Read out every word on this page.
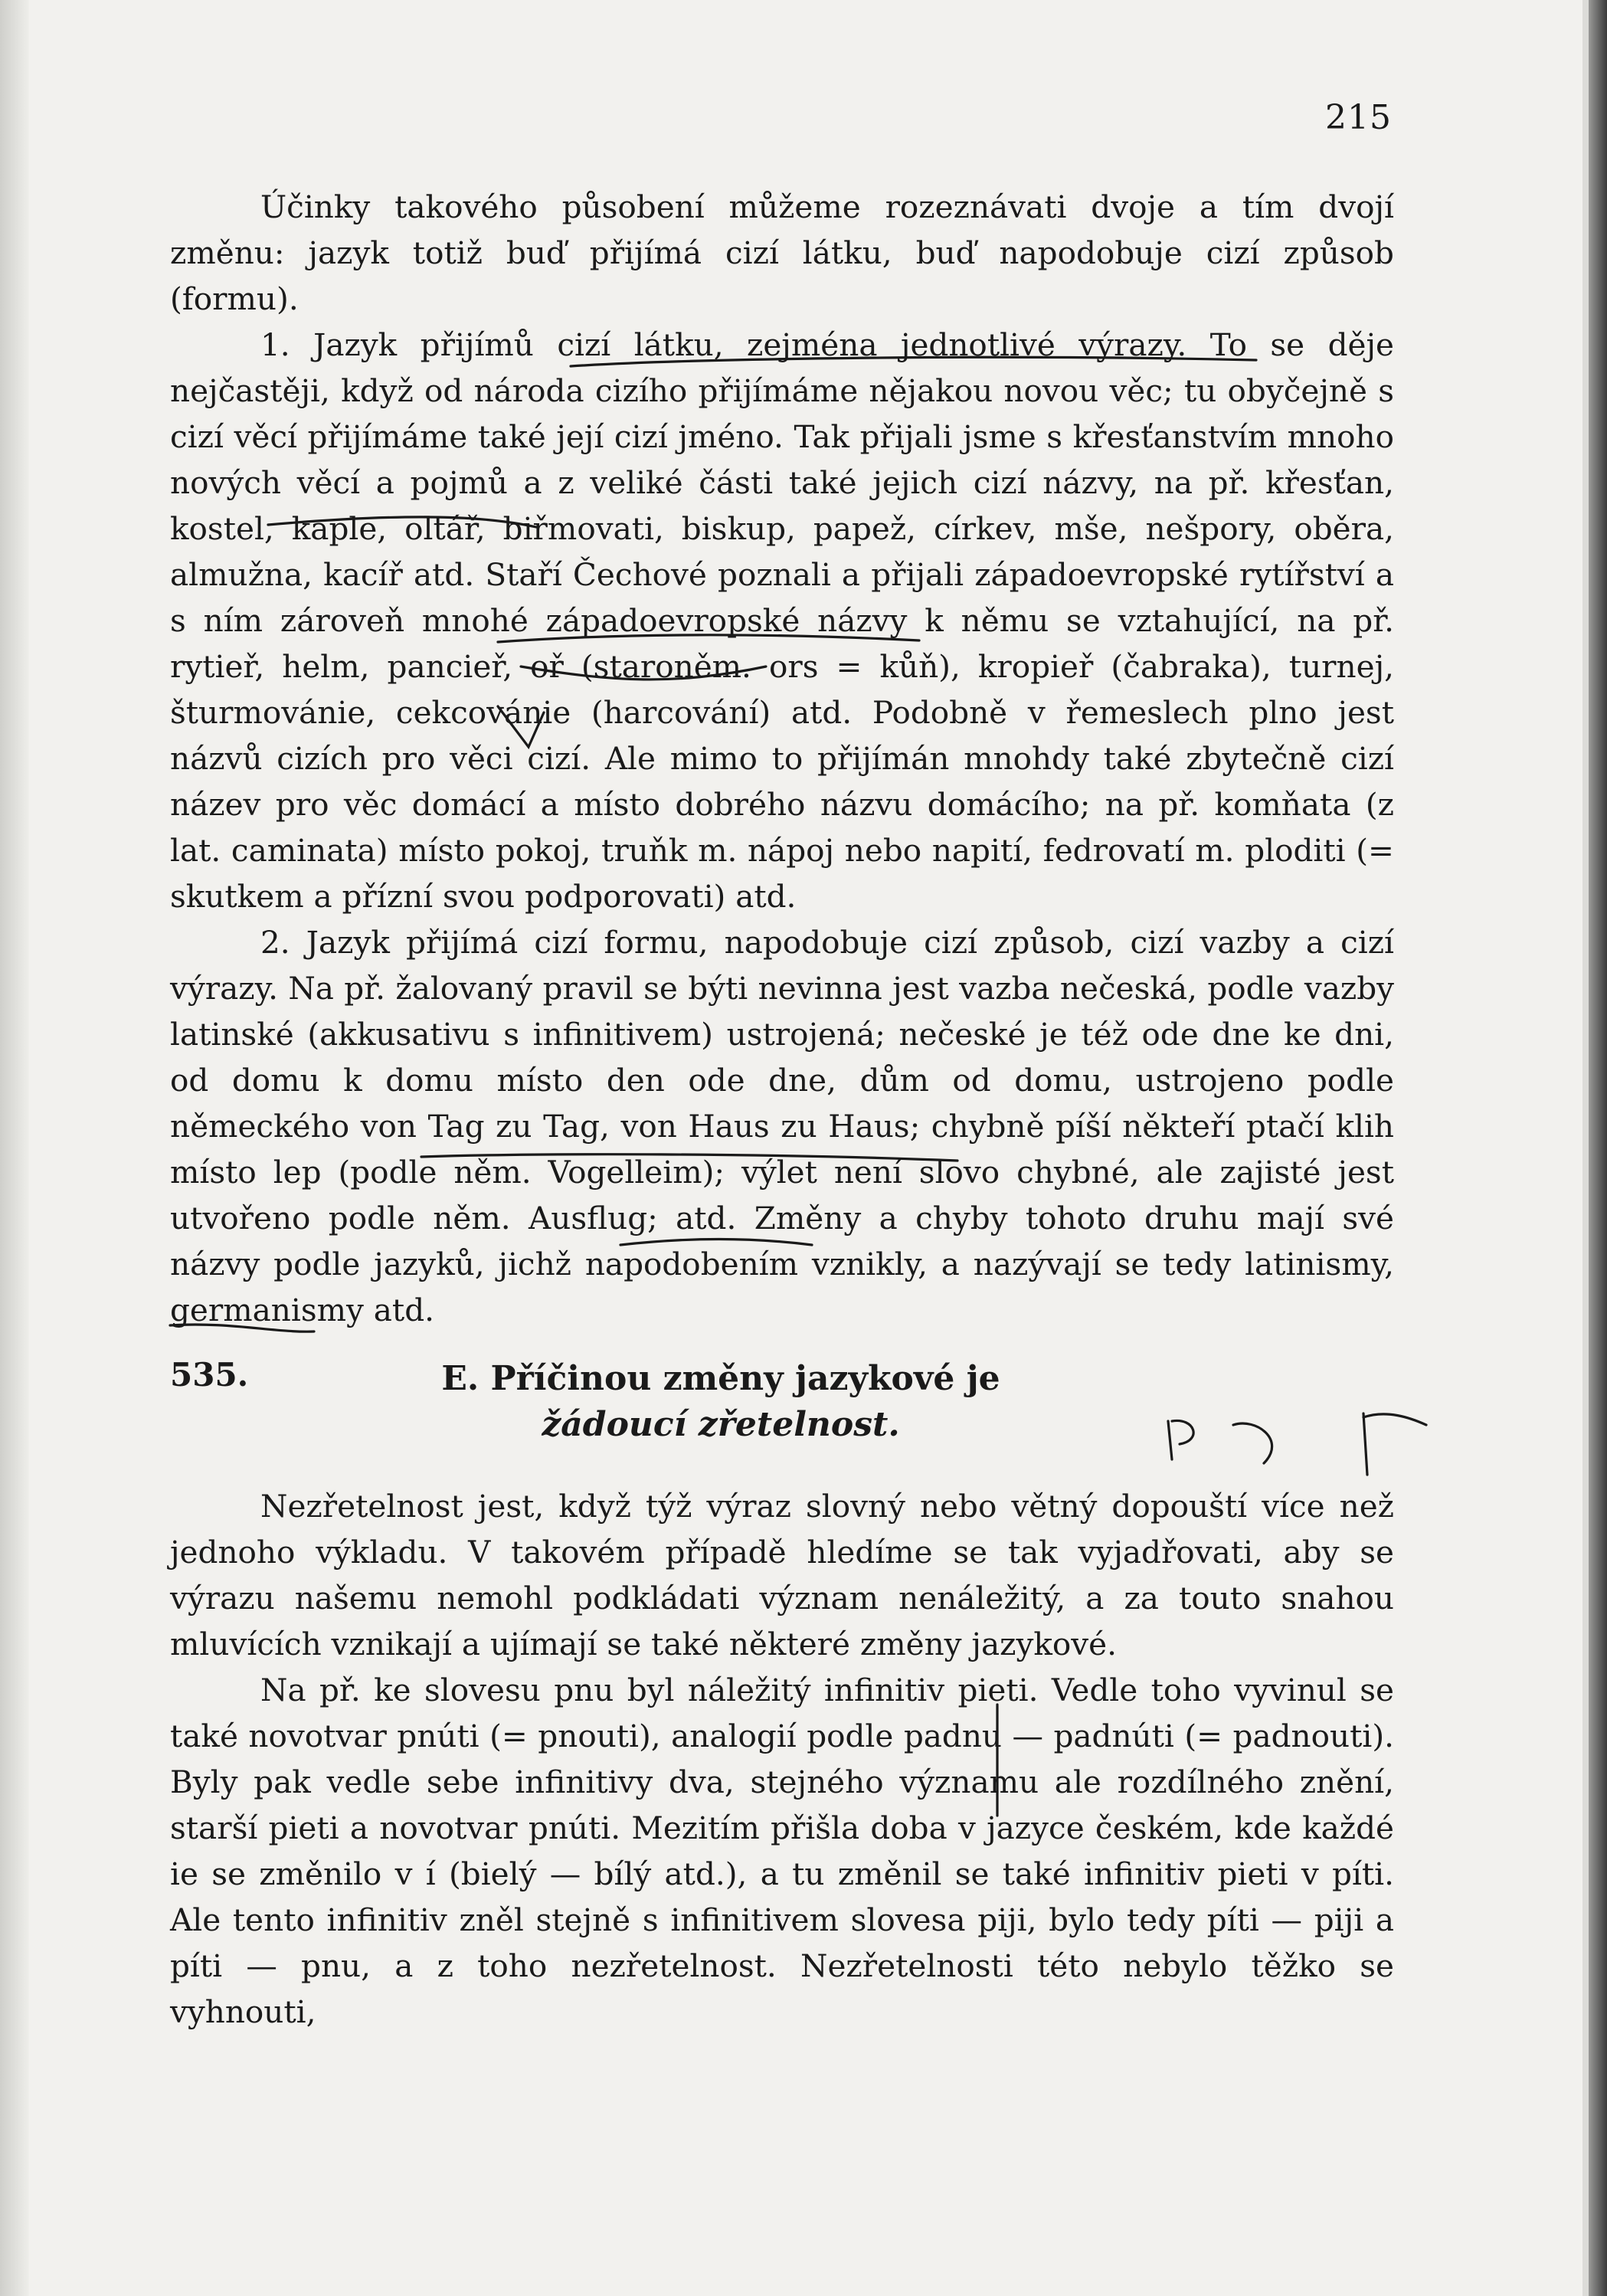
215

Účinky takového působení můžeme rozeznávati dvoje a tím dvojí změnu: jazyk totiž buď přijímá cizí látku, buď napodobuje cizí způsob (formu).

1. Jazyk přijímů cizí látku, zejména jednotlivé výrazy. To se děje nejčastěji, když od národa cizího přijímáme nějakou novou věc; tu obyčejně s cizí věcí přijímáme také její cizí jméno. Tak přijali jsme s křesťanstvím mnoho nových věcí a pojmů a z veliké části také jejich cizí názvy, na př. křesťan, kostel, kaple, oltář, biřmovati, biskup, papež, církev, mše, nešpory, oběra, almužna, kacíř atd. Staří Čechové poznali a přijali západoevropské rytířství a s ním zároveň mnohé západoevropské názvy k němu se vztahující, na př. rytieř, helm, pancieř, oř (staroněm. ors = kůň), kropieř (čabraka), turnej, šturmovánie, cekcovánie (harcování) atd. Podobně v řemeslech plno jest názvů cizích pro věci cizí. Ale mimo to přijímán mnohdy také zbytečně cizí název pro věc domácí a místo dobrého názvu domácího; na př. komňata (z lat. caminata) místo pokoj, truňk m. nápoj nebo napití, fedrovatí m. ploditi (= skutkem a přízní svou podporovati) atd.

2. Jazyk přijímá cizí formu, napodobuje cizí způsob, cizí vazby a cizí výrazy. Na př. žalovaný pravil se býti nevinna jest vazba nečeská, podle vazby latinské (akkusativu s infinitivem) ustrojená; nečeské je též ode dne ke dni, od domu k domu místo den ode dne, dům od domu, ustrojeno podle německého von Tag zu Tag, von Haus zu Haus; chybně píší někteří ptačí klih místo lep (podle něm. Vogelleim); výlet není slovo chybné, ale zajisté jest utvořeno podle něm. Ausflug; atd. Změny a chyby tohoto druhu mají své názvy podle jazyků, jichž napodobením vznikly, a nazývají se tedy latinismy, germanismy atd.

535.	E. Příčinou změny jazykové je
žádoucí zřetelnost.

Nezřetelnost jest, když týž výraz slovný nebo větný dopouští více než jednoho výkladu. V takovém případě hledíme se tak vyjadřovati, aby se výrazu našemu nemohl podkládati význam nenáležitý, a za touto snahou mluvících vznikají a ujímají se také některé změny jazykové.

Na př. ke slovesu pnu byl náležitý infinitiv pieti. Vedle toho vyvinul se také novotvar pnúti (= pnouti), analogií podle padnu — padnúti (= padnouti). Byly pak vedle sebe infinitivy dva, stejného významu ale rozdílného znění, starší pieti a novotvar pnúti. Mezitím přišla doba v jazyce českém, kde každé ie se změnilo v í (bielý — bílý atd.), a tu změnil se také infinitiv pieti v píti. Ale tento infinitiv zněl stejně s infinitivem slovesa piji, bylo tedy píti — piji a píti — pnu, a z toho nezřetelnost. Nezřetelnosti této nebylo těžko se vyhnouti,
